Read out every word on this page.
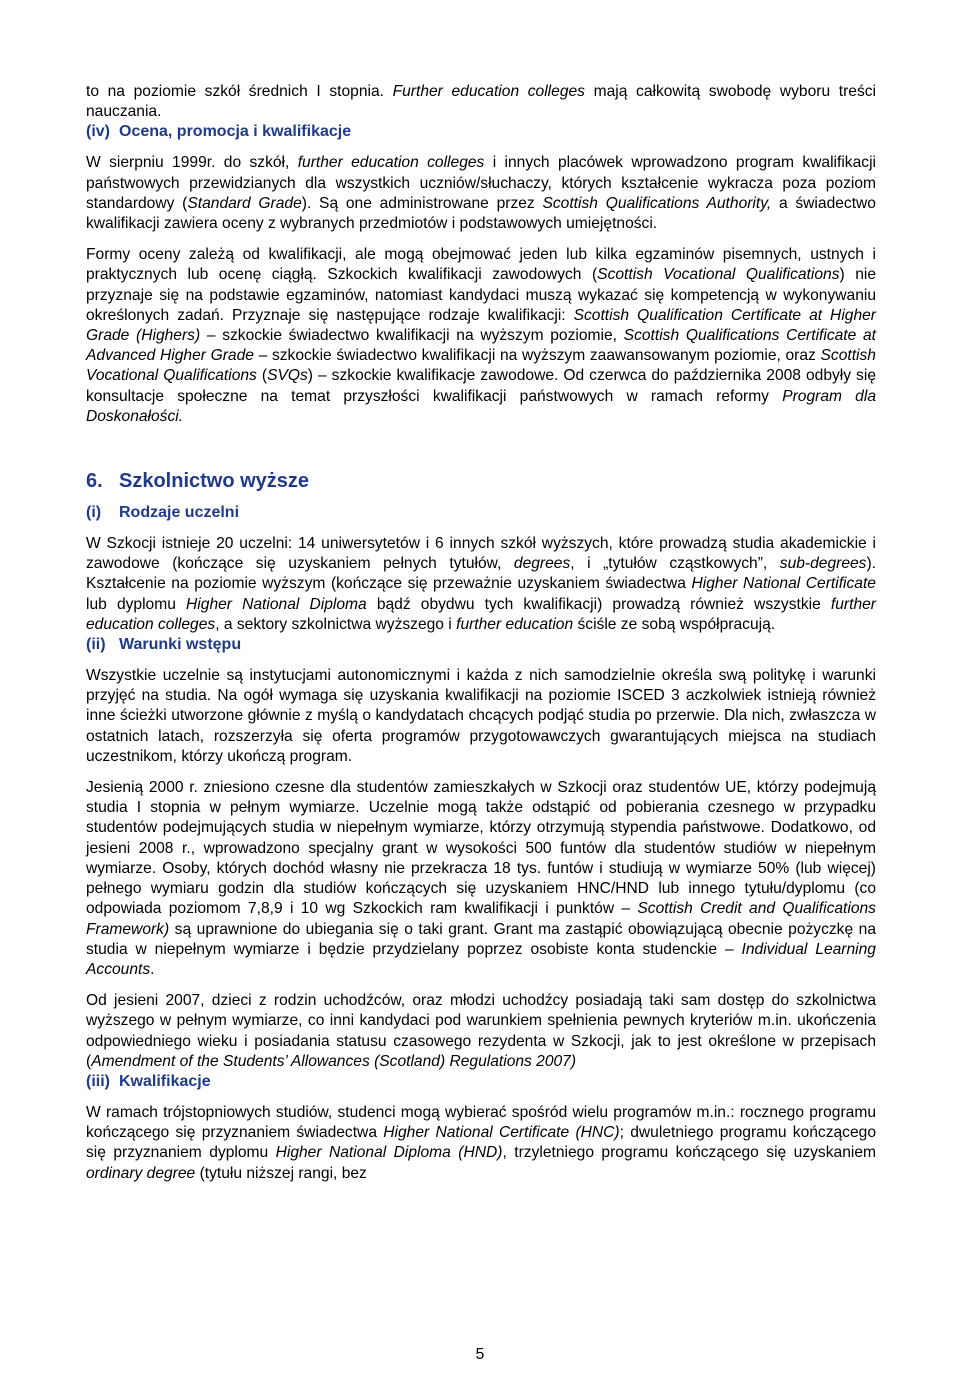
to na poziomie szkół średnich I stopnia. Further education colleges mają całkowitą swobodę wyboru treści nauczania.

(iv) Ocena, promocja i kwalifikacje

W sierpniu 1999r. do szkół, further education colleges i innych placówek wprowadzono program kwalifikacji państwowych przewidzianych dla wszystkich uczniów/słuchaczy, których kształcenie wykracza poza poziom standardowy (Standard Grade). Są one administrowane przez Scottish Qualifications Authority, a świadectwo kwalifikacji zawiera oceny z wybranych przedmiotów i podstawowych umiejętności.

Formy oceny zależą od kwalifikacji, ale mogą obejmować jeden lub kilka egzaminów pisemnych, ustnych i praktycznych lub ocenę ciągłą. Szkockich kwalifikacji zawodowych (Scottish Vocational Qualifications) nie przyznaje się na podstawie egzaminów, natomiast kandydaci muszą wykazać się kompetencją w wykonywaniu określonych zadań. Przyznaje się następujące rodzaje kwalifikacji: Scottish Qualification Certificate at Higher Grade (Highers) – szkockie świadectwo kwalifikacji na wyższym poziomie, Scottish Qualifications Certificate at Advanced Higher Grade – szkockie świadectwo kwalifikacji na wyższym zaawansowanym poziomie, oraz Scottish Vocational Qualifications (SVQs) – szkockie kwalifikacje zawodowe. Od czerwca do października 2008 odbyły się konsultacje społeczne na temat przyszłości kwalifikacji państwowych w ramach reformy Program dla Doskonałości.

6. Szkolnictwo wyższe
(i) Rodzaje uczelni

W Szkocji istnieje 20 uczelni: 14 uniwersytetów i 6 innych szkół wyższych, które prowadzą studia akademickie i zawodowe (kończące się uzyskaniem pełnych tytułów, degrees, i „tytułów cząstkowych”, sub-degrees). Kształcenie na poziomie wyższym (kończące się przeważnie uzyskaniem świadectwa Higher National Certificate lub dyplomu Higher National Diploma bądź obydwu tych kwalifikacji) prowadzą również wszystkie further education colleges, a sektory szkolnictwa wyższego i further education ściśle ze sobą współpracują.

(ii) Warunki wstępu

Wszystkie uczelnie są instytucjami autonomicznymi i każda z nich samodzielnie określa swą politykę i warunki przyjęć na studia. Na ogół wymaga się uzyskania kwalifikacji na poziomie ISCED 3 aczkolwiek istnieją również inne ścieżki utworzone głównie z myślą o kandydatach chcących podjąć studia po przerwie. Dla nich, zwłaszcza w ostatnich latach, rozszerzyła się oferta programów przygotowawczych gwarantujących miejsca na studiach uczestnikom, którzy ukończą program.

Jesienią 2000 r. zniesiono czesne dla studentów zamieszkałych w Szkocji oraz studentów UE, którzy podejmują studia I stopnia w pełnym wymiarze. Uczelnie mogą także odstąpić od pobierania czesnego w przypadku studentów podejmujących studia w niepełnym wymiarze, którzy otrzymują stypendia państwowe. Dodatkowo, od jesieni 2008 r., wprowadzono specjalny grant w wysokości 500 funtów dla studentów studiów w niepełnym wymiarze. Osoby, których dochód własny nie przekracza 18 tys. funtów i studiują w wymiarze 50% (lub więcej) pełnego wymiaru godzin dla studiów kończących się uzyskaniem HNC/HND lub innego tytułu/dyplomu (co odpowiada poziomom 7,8,9 i 10 wg Szkockich ram kwalifikacji i punktów – Scottish Credit and Qualifications Framework) są uprawnione do ubiegania się o taki grant. Grant ma zastąpić obowiązującą obecnie pożyczkę na studia w niepełnym wymiarze i będzie przydzielany poprzez osobiste konta studenckie – Individual Learning Accounts.

Od jesieni 2007, dzieci z rodzin uchodźców, oraz młodzi uchodźcy posiadają taki sam dostęp do szkolnictwa wyższego w pełnym wymiarze, co inni kandydaci pod warunkiem spełnienia pewnych kryteriów m.in. ukończenia odpowiedniego wieku i posiadania statusu czasowego rezydenta w Szkocji, jak to jest określone w przepisach (Amendment of the Students’ Allowances (Scotland) Regulations 2007)

(iii) Kwalifikacje

W ramach trójstopniowych studiów, studenci mogą wybierać spośród wielu programów m.in.: rocznego programu kończącego się przyznaniem świadectwa Higher National Certificate (HNC); dwuletniego programu kończącego się przyznaniem dyplomu Higher National Diploma (HND), trzyletniego programu kończącego się uzyskaniem ordinary degree (tytułu niższej rangi, bez

5
